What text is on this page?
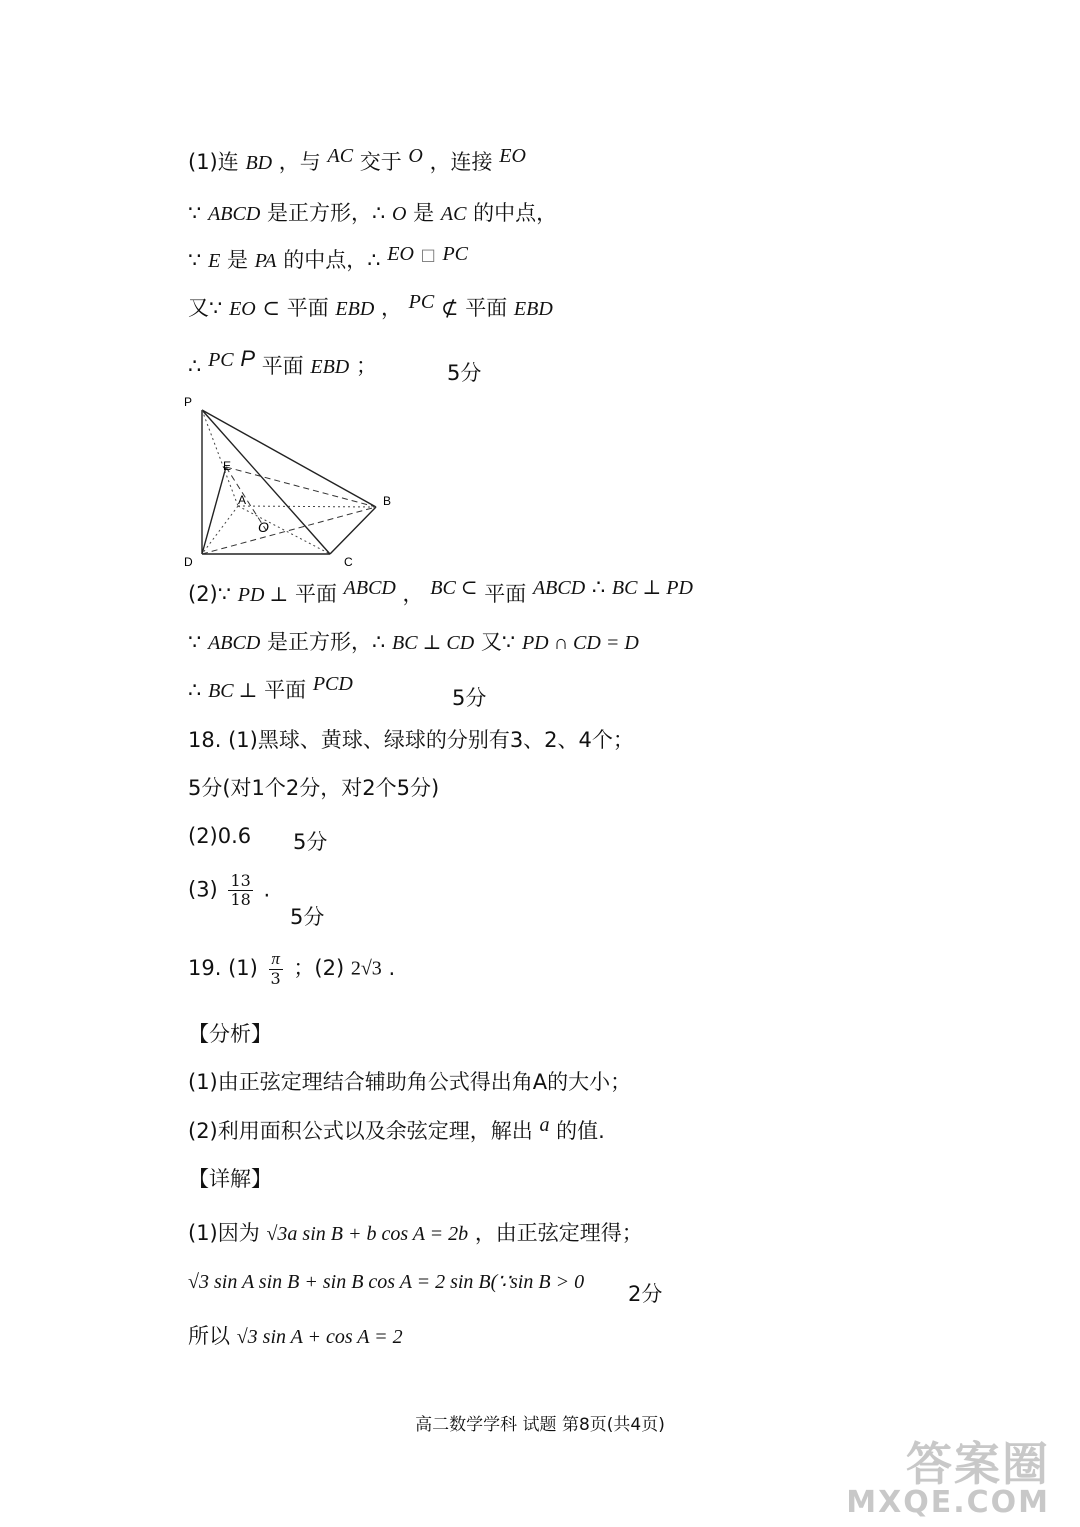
(1)连 BD ，与 AC 交于 O ，连接 EO
∵ ABCD 是正方形，∴ O 是 AC 的中点，
∵ E 是 PA 的中点，∴ EO □ PC
又∵ EO ⊂ 平面 EBD ， PC ⊄ 平面 EBD
∴ PC P 平面 EBD ；	5分
P
E
A
O
B
D	C
(2)∵ PD ⊥ 平面 ABCD ， BC ⊂ 平面 ABCD ∴ BC ⊥ PD
∵ ABCD 是正方形，∴ BC ⊥ CD 又∵ PD ∩ CD = D
∴ BC ⊥ 平面 PCD
5分
18. (1)黑球、黄球、绿球的分别有3、2、4个；
5分(对1个2分，对2个5分)
(2)0.6 5分
$(3) \frac{13}{18}$ .
5分
19. $(1) \frac{\pi}{3}$ ；(2) 2√3 .
【分析】
(1)由正弦定理结合辅助角公式得出角A的大小；
(2)利用面积公式以及余弦定理，解出 a 的值.
【详解】
(1)因为 √3a sin B + b cos A = 2b ，由正弦定理得；
√3 sin A sin B + sin B cos A = 2 sin B(∵sin B > 0 2分
所以 √3 sin A + cos A = 2
高二数学学科 试题 第8页(共4页)
答案圈
MXQE.COM
